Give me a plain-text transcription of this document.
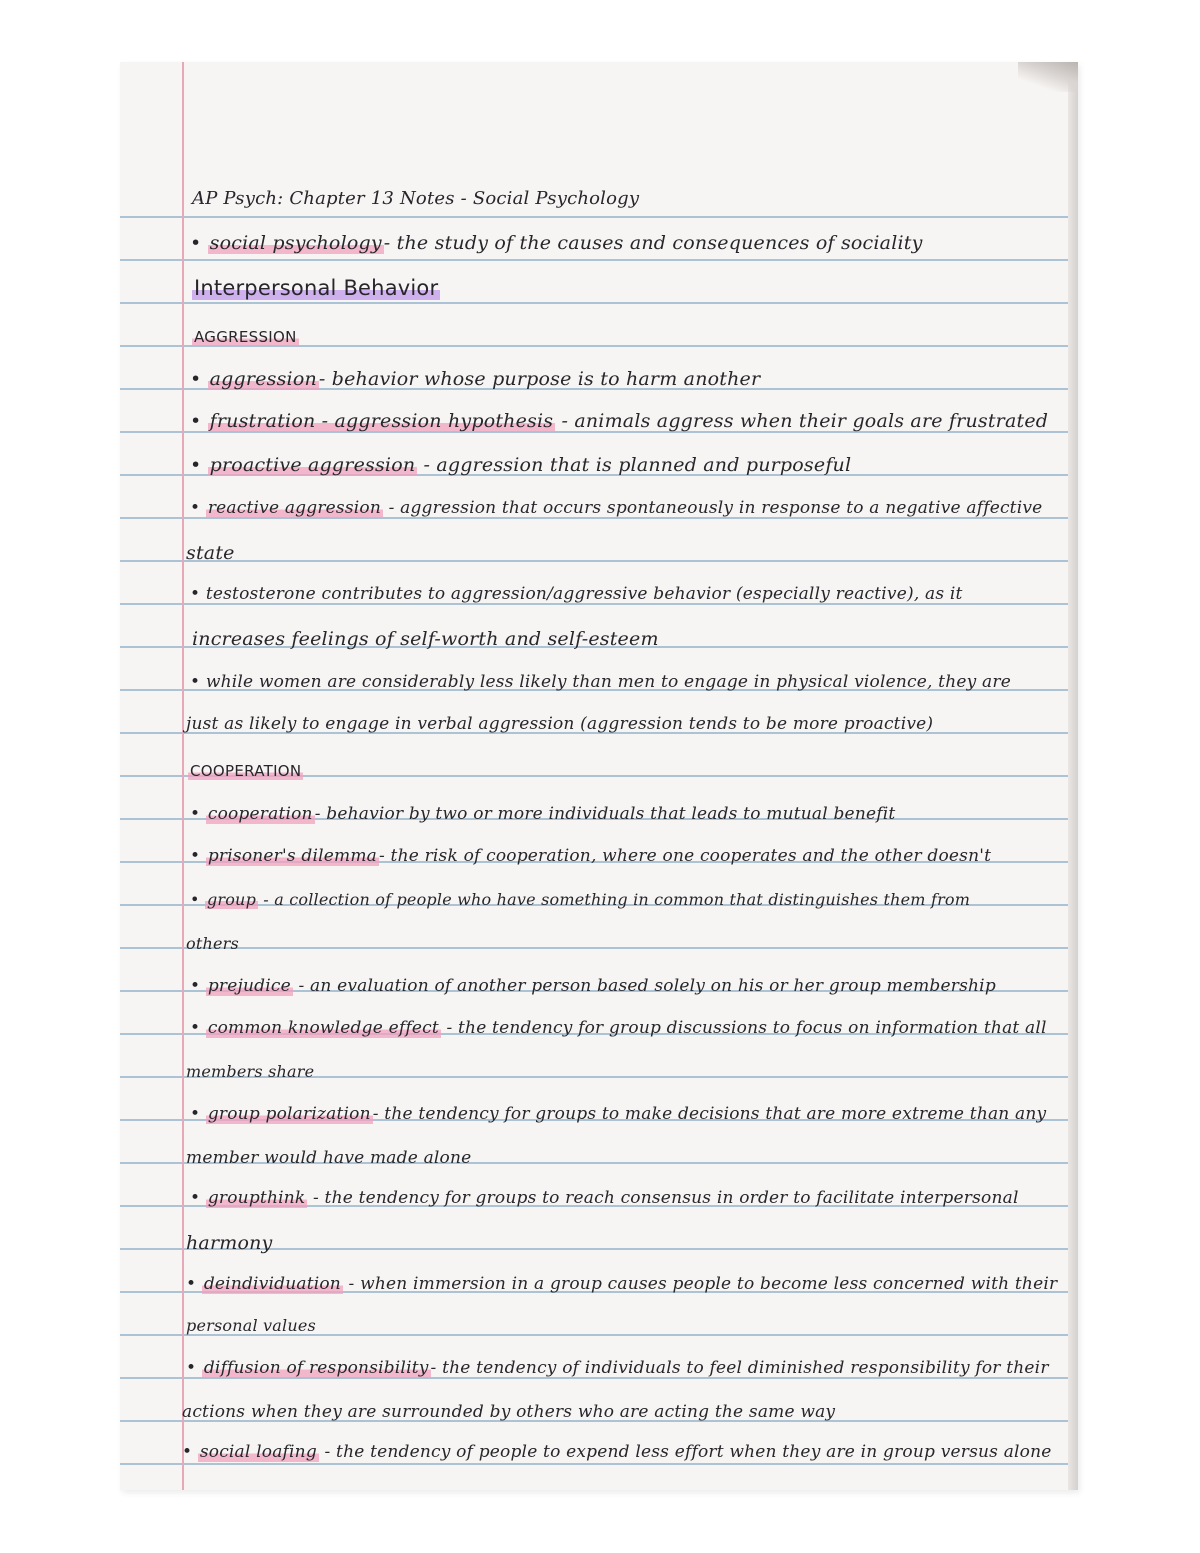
AP Psych: Chapter 13 Notes - Social Psychology
• social psychology - the study of the causes and consequences of sociality
Interpersonal Behavior
AGGRESSION
• aggression - behavior whose purpose is to harm another
• frustration - aggression hypothesis - animals aggress when their goals are frustrated
• proactive aggression - aggression that is planned and purposeful
• reactive aggression - aggression that occurs spontaneously in response to a negative affective
state
• testosterone contributes to aggression/aggressive behavior (especially reactive), as it
increases feelings of self-worth and self-esteem
• while women are considerably less likely than men to engage in physical violence, they are
just as likely to engage in verbal aggression (aggression tends to be more proactive)
COOPERATION
• cooperation - behavior by two or more individuals that leads to mutual benefit
• prisoner's dilemma - the risk of cooperation, where one cooperates and the other doesn't
• group - a collection of people who have something in common that distinguishes them from
others
• prejudice - an evaluation of another person based solely on his or her group membership
• common knowledge effect - the tendency for group discussions to focus on information that all
members share
• group polarization - the tendency for groups to make decisions that are more extreme than any
member would have made alone
• groupthink - the tendency for groups to reach consensus in order to facilitate interpersonal
harmony
• deindividuation - when immersion in a group causes people to become less concerned with their
personal values
• diffusion of responsibility - the tendency of individuals to feel diminished responsibility for their
actions when they are surrounded by others who are acting the same way
• social loafing - the tendency of people to expend less effort when they are in group versus alone
